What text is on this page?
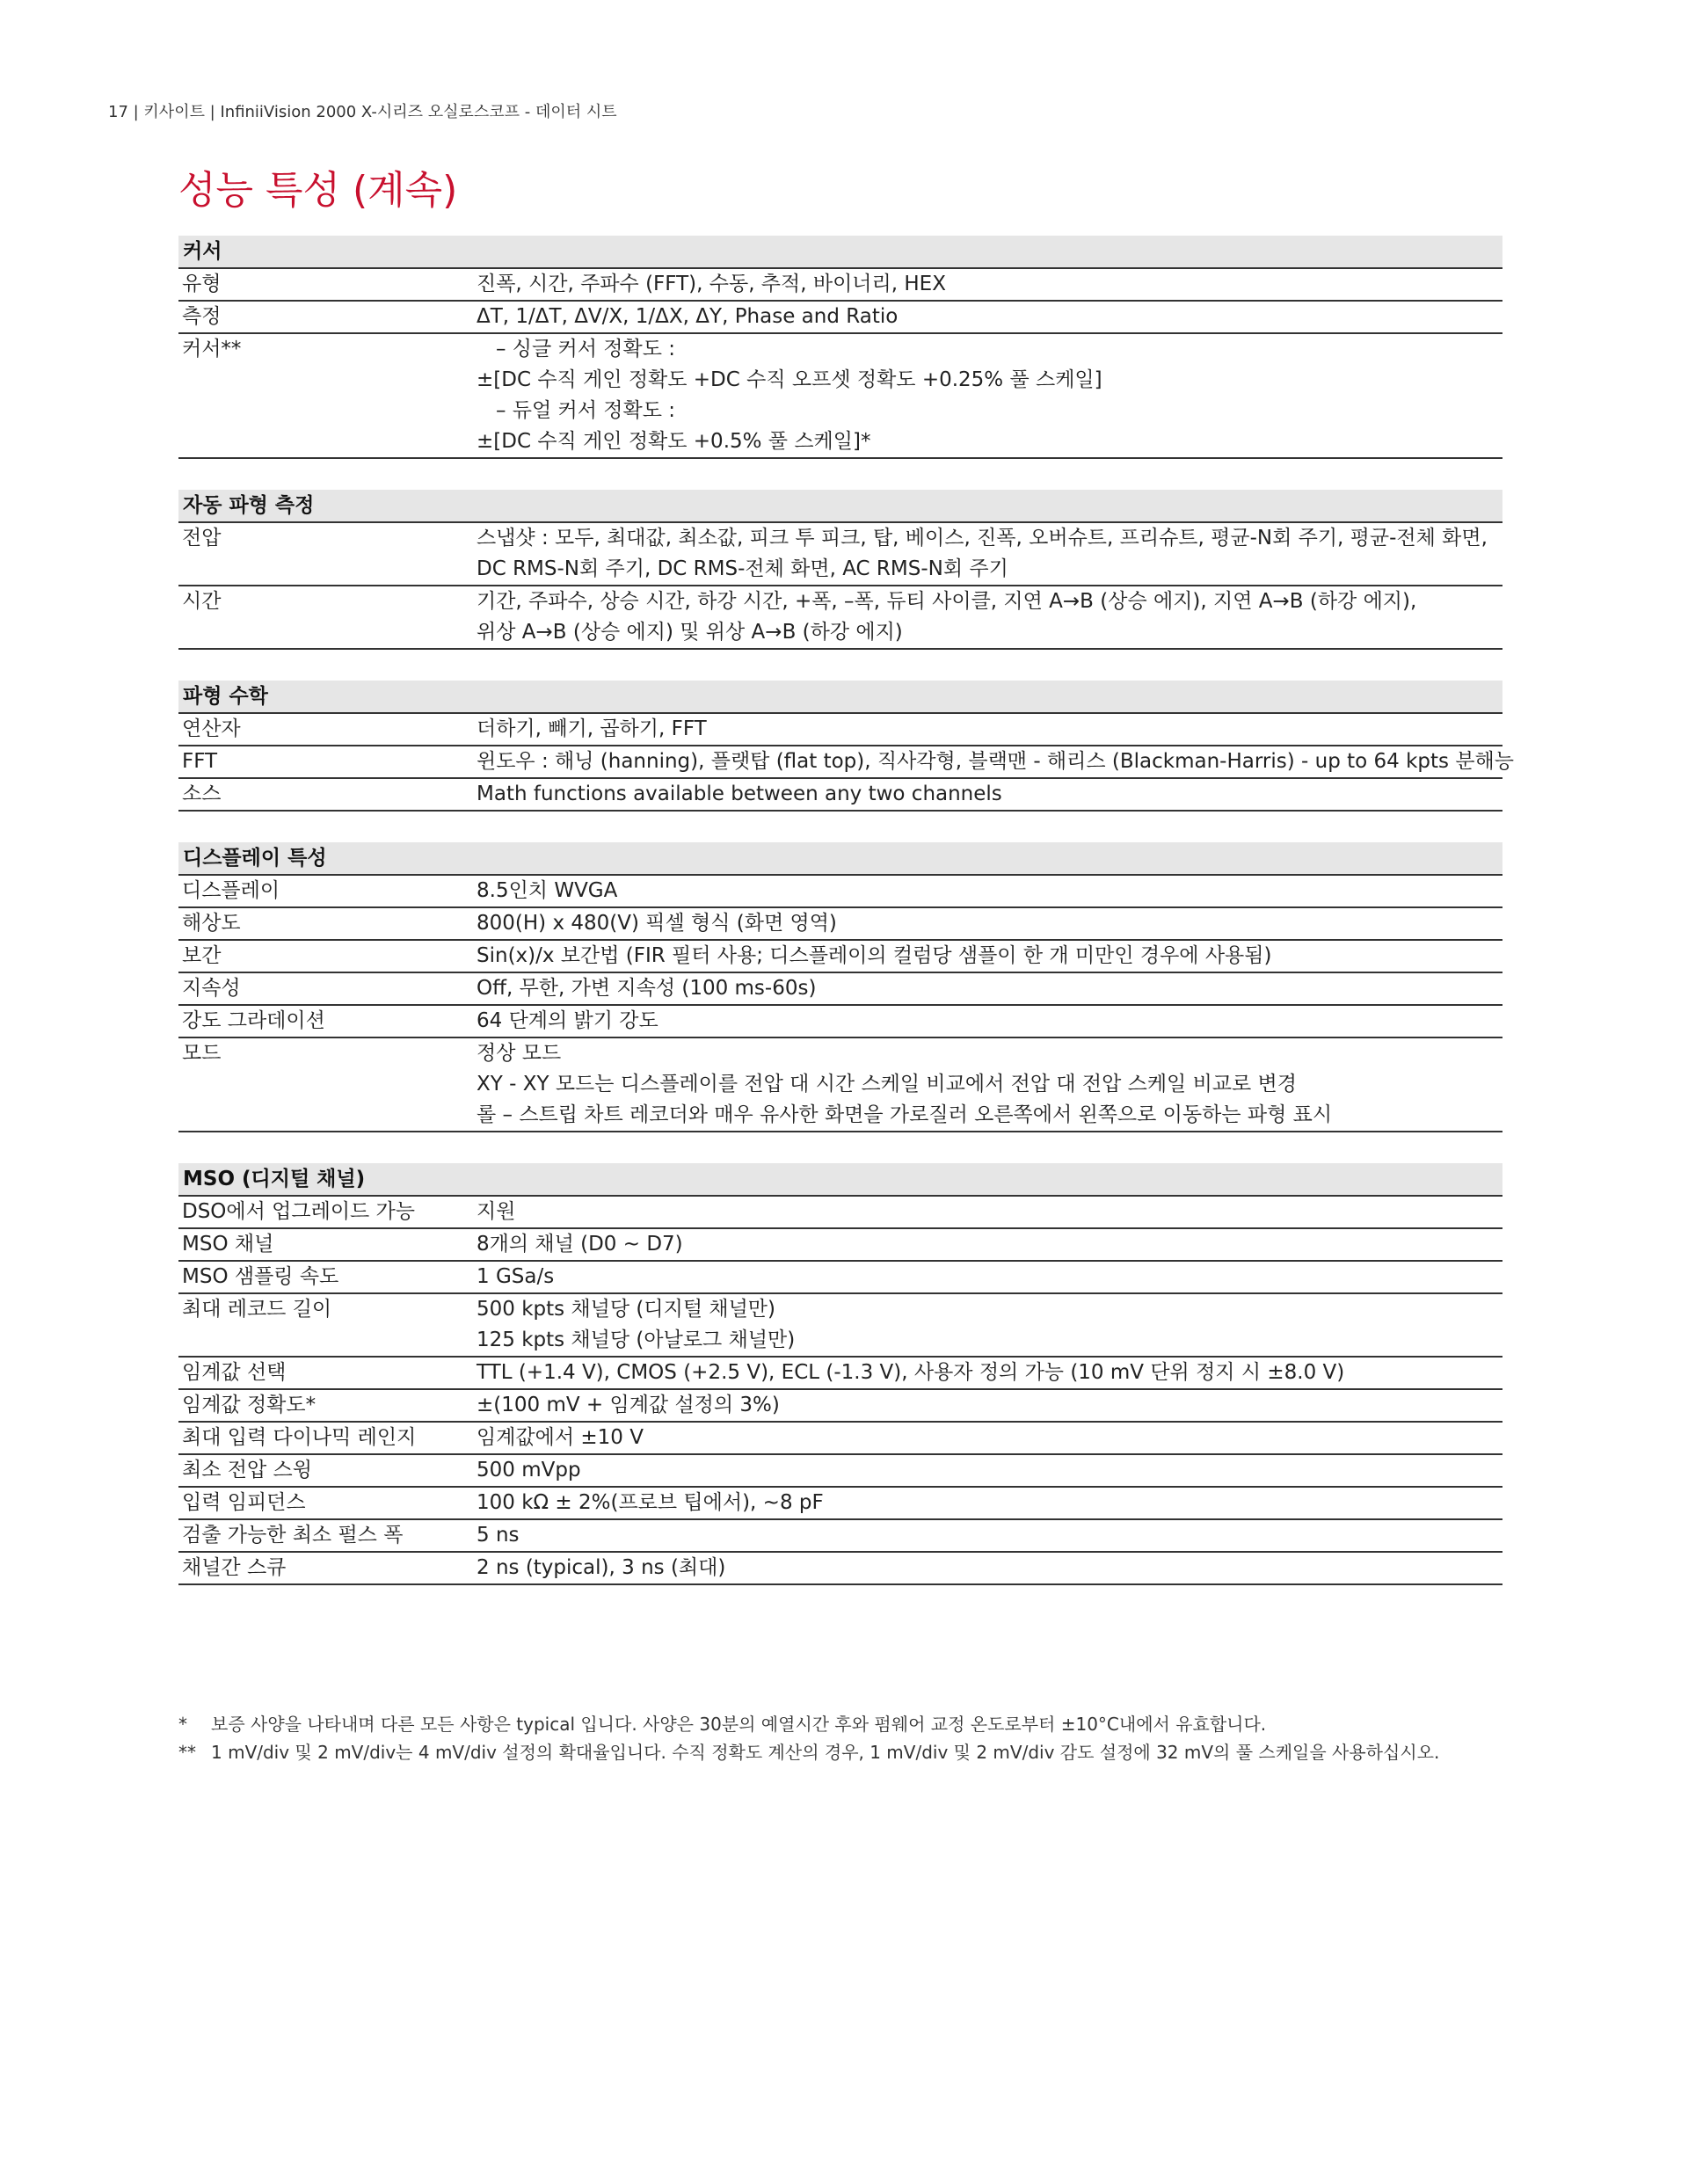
17 | 키사이트 | InfiniiVision 2000 X-시리즈 오실로스코프 - 데이터 시트
성능 특성 (계속)
커서
유형	진폭, 시간, 주파수 (FFT), 수동, 추적, 바이너리, HEX
측정	ΔT, 1/ΔT, ΔV/X, 1/ΔX, ΔY, Phase and Ratio
커서**	– 싱글 커서 정확도 :
±[DC 수직 게인 정확도 +DC 수직 오프셋 정확도 +0.25% 풀 스케일]
– 듀얼 커서 정확도 :
±[DC 수직 게인 정확도 +0.5% 풀 스케일]*
자동 파형 측정
전압	스냅샷 : 모두, 최대값, 최소값, 피크 투 피크, 탑, 베이스, 진폭, 오버슈트, 프리슈트, 평균-N회 주기, 평균-전체 화면,
DC RMS-N회 주기, DC RMS-전체 화면, AC RMS-N회 주기
시간	기간, 주파수, 상승 시간, 하강 시간, +폭, –폭, 듀티 사이클, 지연 A→B (상승 에지), 지연 A→B (하강 에지),
위상 A→B (상승 에지) 및 위상 A→B (하강 에지)
파형 수학
연산자	더하기, 빼기, 곱하기, FFT
FFT	윈도우 : 해닝 (hanning), 플랫탑 (flat top), 직사각형, 블랙맨 - 해리스 (Blackman-Harris) - up to 64 kpts 분해능
소스	Math functions available between any two channels
디스플레이 특성
디스플레이	8.5인치 WVGA
해상도	800(H) x 480(V) 픽셀 형식 (화면 영역)
보간	Sin(x)/x 보간법 (FIR 필터 사용; 디스플레이의 컬럼당 샘플이 한 개 미만인 경우에 사용됨)
지속성	Off, 무한, 가변 지속성 (100 ms-60s)
강도 그라데이션	64 단계의 밝기 강도
모드	정상 모드
XY - XY 모드는 디스플레이를 전압 대 시간 스케일 비교에서 전압 대 전압 스케일 비교로 변경
롤 – 스트립 차트 레코더와 매우 유사한 화면을 가로질러 오른쪽에서 왼쪽으로 이동하는 파형 표시
MSO (디지털 채널)
DSO에서 업그레이드 가능	지원
MSO 채널	8개의 채널 (D0 ~ D7)
MSO 샘플링 속도	1 GSa/s
최대 레코드 길이	500 kpts 채널당 (디지털 채널만)
125 kpts 채널당 (아날로그 채널만)
임계값 선택	TTL (+1.4 V), CMOS (+2.5 V), ECL (-1.3 V), 사용자 정의 가능 (10 mV 단위 정지 시 ±8.0 V)
임계값 정확도*	±(100 mV + 임계값 설정의 3%)
최대 입력 다이나믹 레인지	임계값에서 ±10 V
최소 전압 스윙	500 mVpp
입력 임피던스	100 kΩ ± 2%(프로브 팁에서), ~8 pF
검출 가능한 최소 펄스 폭	5 ns
채널간 스큐	2 ns (typical), 3 ns (최대)
*	보증 사양을 나타내며 다른 모든 사항은 typical 입니다. 사양은 30분의 예열시간 후와 펌웨어 교정 온도로부터 ±10°C내에서 유효합니다.
** 1 mV/div 및 2 mV/div는 4 mV/div 설정의 확대율입니다. 수직 정확도 계산의 경우, 1 mV/div 및 2 mV/div 감도 설정에 32 mV의 풀 스케일을 사용하십시오.
